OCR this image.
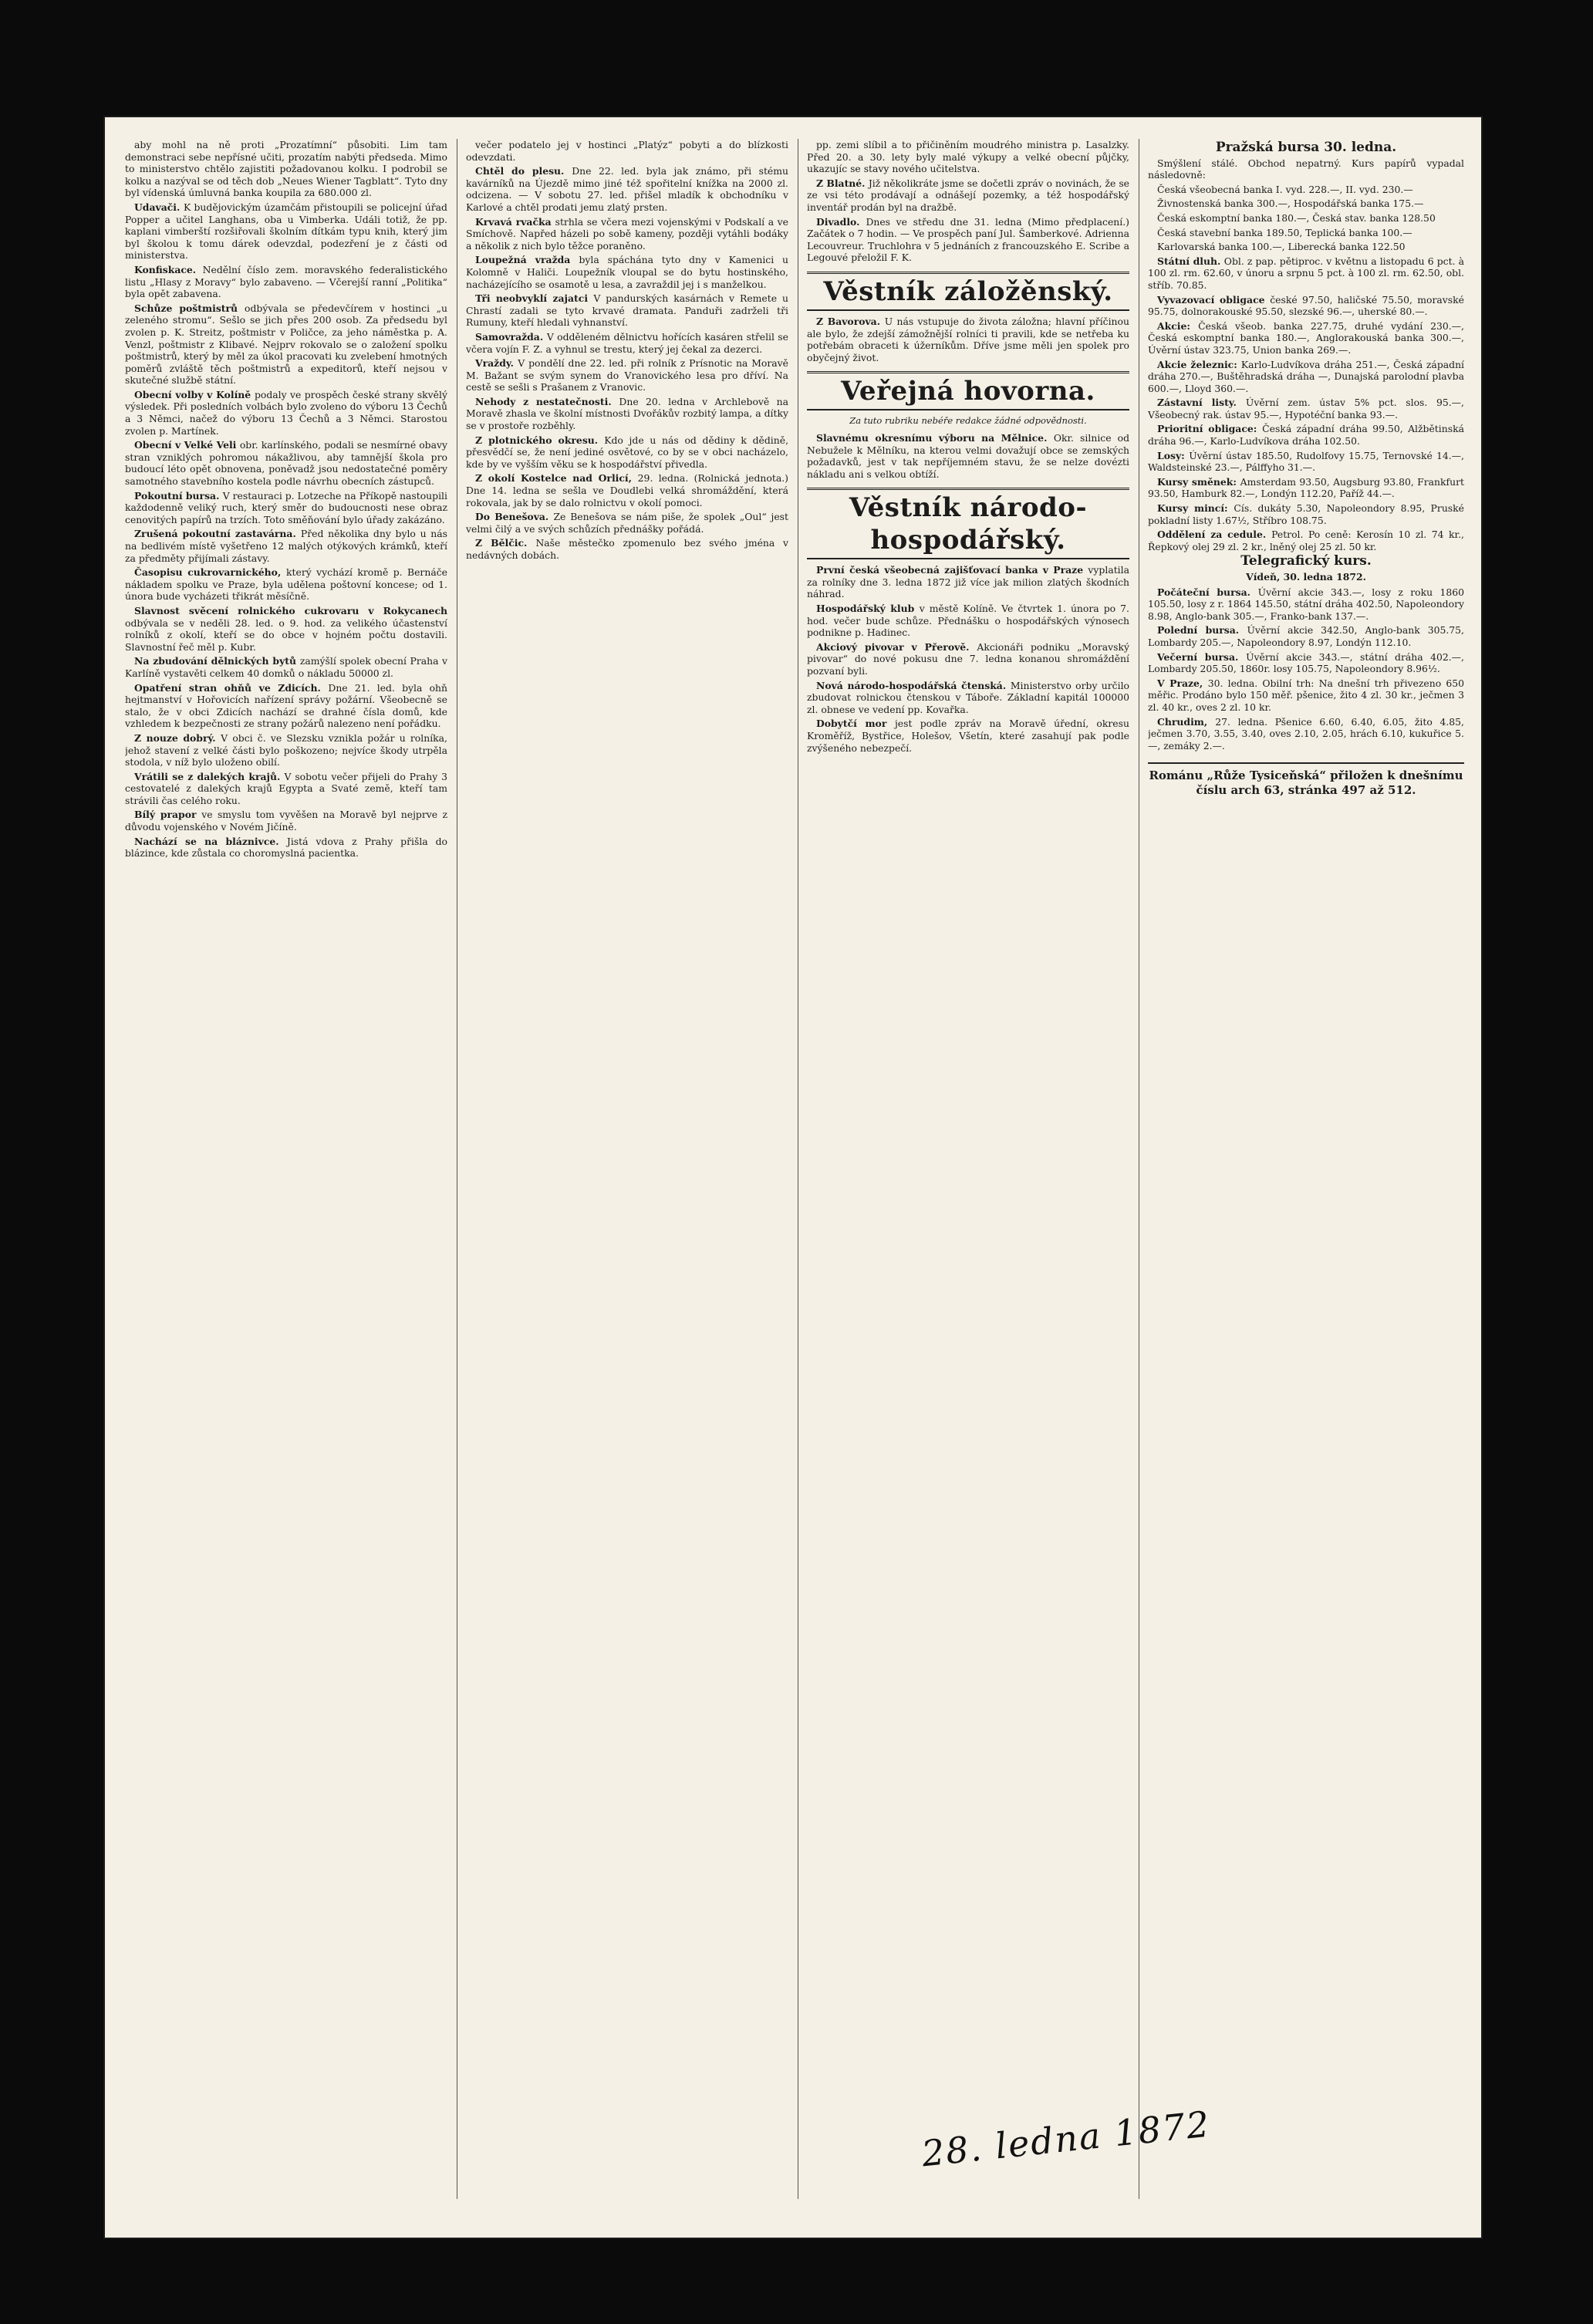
aby mohl na ně proti „Prozatímní“ působiti. Lim tam demonstraci sebe nepřísné učiti, prozatím nabýti předseda. Mimo to ministerstvo chtělo zajistiti požadovanou kolku. I podrobil se kolku a nazýval se od těch dob „Neues Wiener Tagblatt“. Tyto dny byl vídenská úmluvná banka koupila za 680.000 zl.

Udavači. K budějovickým úzamčám přistoupili se policejní úřad Popper a učitel Langhans, oba u Vimberka. Událi totiž, že pp. kaplani vimberští rozšiřovali školním dítkám typu knih, který jim byl školou k tomu dárek odevzdal, podezření je z části od ministerstva.

Konfiskace. Nedělní číslo zem. moravského federalistického listu „Hlasy z Moravy“ bylo zabaveno. — Včerejší ranní „Politika“ byla opět zabavena.

Schůze poštmistrů odbývala se předevčírem v hostinci „u zeleného stromu“. Sešlo se jich přes 200 osob. Za předsedu byl zvolen p. K. Streitz, poštmistr v Poličce, za jeho náměstka p. A. Venzl, poštmistr z Klibavé. Nejprv rokovalo se o založení spolku poštmistrů, který by měl za úkol pracovati ku zvelebení hmotných poměrů zvláště těch poštmistrů a expeditorů, kteří nejsou v skutečné službě státní.

Obecní volby v Kolíně podaly ve prospěch české strany skvělý výsledek. Při posledních volbách bylo zvoleno do výboru 13 Čechů a 3 Němci, načež do výboru 13 Čechů a 3 Němci. Starostou zvolen p. Martínek.

Obecní v Velké Veli obr. karlínského, podali se nesmírné obavy stran vzniklých pohromou nákažlivou, aby tamnější škola pro budoucí léto opět obnovena, poněvadž jsou nedostatečné poměry samotného stavebního kostela podle návrhu obecních zástupců.

Pokoutní bursa. V restauraci p. Lotzeche na Příkopě nastoupili každodenně veliký ruch, který směr do budoucnosti nese obraz cenovitých papírů na trzích. Toto směňování bylo úřady zakázáno.

Zrušená pokoutní zastavárna. Před několika dny bylo u nás na bedlivém místě vyšetřeno 12 malých otýkových krámků, kteří za předměty přijímali zástavy.

Časopisu cukrovarnického, který vychází kromě p. Bernáče nákladem spolku ve Praze, byla udělena poštovní koncese; od 1. února bude vycházeti třikrát měsíčně.

Slavnost svěcení rolnického cukrovaru v Rokycanech odbývala se v neděli 28. led. o 9. hod. za velikého účastenství rolníků z okolí, kteří se do obce v hojném počtu dostavili. Slavnostní řeč měl p. Kubr.

Na zbudování dělnických bytů zamýšlí spolek obecní Praha v Karlíně vystavěti celkem 40 domků o nákladu 50000 zl.

Opatření stran ohňů ve Zdicích. Dne 21. led. byla ohň hejtmanství v Hořovicích nařízení správy požární. Všeobecně se stalo, že v obci Zdicích nachází se drahné čísla domů, kde vzhledem k bezpečnosti ze strany požárů nalezeno není pořádku.

Z nouze dobrý. V obci č. ve Slezsku vznikla požár u rolníka, jehož stavení z velké části bylo poškozeno; nejvíce škody utrpěla stodola, v níž bylo uloženo obilí.

Vrátili se z dalekých krajů. V sobotu večer přijeli do Prahy 3 cestovatelé z dalekých krajů Egypta a Svaté země, kteří tam strávili čas celého roku.

Bílý prapor ve smyslu tom vyvěšen na Moravě byl nejprve z důvodu vojenského v Novém Jičíně.

Nachází se na bláznivce. Jistá vdova z Prahy přišla do blázince, kde zůstala co choromyslná pacientka.

večer podatelo jej v hostinci „Platýz“ pobyti a do blízkosti odevzdati.

Chtěl do plesu. Dne 22. led. byla jak známo, při stému kavárníků na Újezdě mimo jiné též spořitelní knížka na 2000 zl. odcizena. — V sobotu 27. led. přišel mladík k obchodníku v Karlové a chtěl prodati jemu zlatý prsten.

Krvavá rvačka strhla se včera mezi vojenskými v Podskalí a ve Smíchově. Napřed házeli po sobě kameny, později vytáhli bodáky a několik z nich bylo těžce poraněno.

Loupežná vražda byla spáchána tyto dny v Kamenici u Kolomně v Haliči. Loupežník vloupal se do bytu hostinského, nacházejícího se osamotě u lesa, a zavraždil jej i s manželkou.

Tři neobvyklí zajatci V pandurských kasárnách v Remete u Chrastí zadali se tyto krvavé dramata. Panduři zadrželi tři Rumuny, kteří hledali vyhnanství.

Samovražda. V odděleném dělnictvu hořících kasáren střelil se včera vojín F. Z. a vyhnul se trestu, který jej čekal za dezerci.

Vraždy. V pondělí dne 22. led. při rolník z Prísnotic na Moravě M. Bažant se svým synem do Vranovického lesa pro dříví. Na cestě se sešli s Prašanem z Vranovic.

Nehody z nestatečnosti. Dne 20. ledna v Archlebově na Moravě zhasla ve školní místnosti Dvořákův rozbitý lampa, a dítky se v prostoře rozběhly.

Z plotnického okresu. Kdo jde u nás od dědiny k dědině, přesvědčí se, že není jediné osvětové, co by se v obci nacházelo, kde by ve vyšším věku se k hospodářství přivedla.

Z okolí Kostelce nad Orlicí, 29. ledna. (Rolnická jednota.) Dne 14. ledna se sešla ve Doudlebi velká shromáždění, která rokovala, jak by se dalo rolnictvu v okolí pomoci.

Do Benešova. Ze Benešova se nám piše, že spolek „Oul“ jest velmi čilý a ve svých schůzích přednášky pořádá.

Z Bělčic. Naše městečko zpomenulo bez svého jména v nedávných dobách.

pp. zemi slíbil a to přičiněním moudrého ministra p. Lasalzky. Před 20. a 30. lety byly malé výkupy a velké obecní půjčky, ukazujíc se stavy nového učitelstva.

Z Blatné. Již několikráte jsme se dočetli zpráv o novinách, že se ze vsi této prodávají a odnášejí pozemky, a též hospodářský inventář prodán byl na dražbě.

Divadlo. Dnes ve středu dne 31. ledna (Mimo předplacení.) Začátek o 7 hodin. — Ve prospěch paní Jul. Šamberkové. Adrienna Lecouvreur. Truchlohra v 5 jednáních z francouzského E. Scribe a Legouvé přeložil F. K.

Věstník záložěnský.

Z Bavorova. U nás vstupuje do života záložna; hlavní příčinou ale bylo, že zdejší zámožnější rolníci ti pravili, kde se netřeba ku potřebám obraceti k úžerníkům. Dříve jsme měli jen spolek pro obyčejný život.

Veřejná hovorna.
Za tuto rubriku nebéře redakce žádné odpovědnosti.

Slavnému okresnímu výboru na Mělnice. Okr. silnice od Nebužele k Mělníku, na kterou velmi dovažují obce se zemských požadavků, jest v tak nepříjemném stavu, že se nelze dovézti nákladu ani s velkou obtíží.

Věstník národo-hospodářský.

První česká všeobecná zajišťovací banka v Praze vyplatila za rolníky dne 3. ledna 1872 již více jak milion zlatých škodních náhrad.

Hospodářský klub v městě Kolíně. Ve čtvrtek 1. února po 7. hod. večer bude schůze. Přednášku o hospodářských výnosech podnikne p. Hadinec.

Akciový pivovar v Přerově. Akcionáři podniku „Moravský pivovar“ do nové pokusu dne 7. ledna konanou shromáždění pozvaní byli.

Nová národo-hospodářská čtenská. Ministerstvo orby určilo zbudovat rolnickou čtenskou v Táboře. Základní kapitál 100000 zl. obnese ve vedení pp. Kovařka.

Dobytčí mor jest podle zpráv na Moravě úřední, okresu Kroměříž, Bystřice, Holešov, Všetín, které zasahují pak podle zvýšeného nebezpečí.

Pražská bursa 30. ledna.

Smýšlení stálé. Obchod nepatrný. Kurs papírů vypadal následovně:

Česká všeobecná banka I. vyd. 228.—, II. vyd. 230.—

Živnostenská banka 300.—, Hospodářská banka 175.—

Česká eskomptní banka 180.—, Česká stav. banka 128.50

Česká stavební banka 189.50, Teplická banka 100.—

Karlovarská banka 100.—, Liberecká banka 122.50

Státní dluh. Obl. z pap. pětiproc. v květnu a listopadu 6 pct. à 100 zl. rm. 62.60, v únoru a srpnu 5 pct. à 100 zl. rm. 62.50, obl. stříb. 70.85.

Vyvazovací obligace české 97.50, haličské 75.50, moravské 95.75, dolnorakouské 95.50, slezské 96.—, uherské 80.—.

Akcie: Česká všeob. banka 227.75, druhé vydání 230.—, Česká eskomptní banka 180.—, Anglorakouská banka 300.—, Úvěrní ústav 323.75, Union banka 269.—.

Akcie železnic: Karlo-Ludvíkova dráha 251.—, Česká západní dráha 270.—, Buštěhradská dráha —, Dunajská parolodní plavba 600.—, Lloyd 360.—.

Zástavní listy. Úvěrní zem. ústav 5% pct. slos. 95.—, Všeobecný rak. ústav 95.—, Hypotéční banka 93.—.

Prioritní obligace: Česká západní dráha 99.50, Alžbětinská dráha 96.—, Karlo-Ludvíkova dráha 102.50.

Losy: Úvěrní ústav 185.50, Rudolfovy 15.75, Ternovské 14.—, Waldsteinské 23.—, Pálffyho 31.—.

Kursy směnek: Amsterdam 93.50, Augsburg 93.80, Frankfurt 93.50, Hamburk 82.—, Londýn 112.20, Paříž 44.—.

Kursy mincí: Cís. dukáty 5.30, Napoleondory 8.95, Pruské pokladní listy 1.67½, Stříbro 108.75.

Oddělení za cedule. Petrol. Po ceně: Kerosín 10 zl. 74 kr., Řepkový olej 29 zl. 2 kr., lněný olej 25 zl. 50 kr.

Telegrafický kurs.
Vídeň, 30. ledna 1872.

Počáteční bursa. Úvěrní akcie 343.—, losy z roku 1860 105.50, losy z r. 1864 145.50, státní dráha 402.50, Napoleondory 8.98, Anglo-bank 305.—, Franko-bank 137.—.

Polední bursa. Úvěrní akcie 342.50, Anglo-bank 305.75, Lombardy 205.—, Napoleondory 8.97, Londýn 112.10.

Večerní bursa. Úvěrní akcie 343.—, státní dráha 402.—, Lombardy 205.50, 1860r. losy 105.75, Napoleondory 8.96½.

V Praze, 30. ledna. Obilní trh: Na dnešní trh přivezeno 650 měřic. Prodáno bylo 150 měř. pšenice, žito 4 zl. 30 kr., ječmen 3 zl. 40 kr., oves 2 zl. 10 kr.

Chrudim, 27. ledna. Pšenice 6.60, 6.40, 6.05, žito 4.85, ječmen 3.70, 3.55, 3.40, oves 2.10, 2.05, hrách 6.10, kukuřice 5.—, zemáky 2.—.

Románu „Růže Tysiceňská“ přiložen k dnešnímu číslu arch 63, stránka 497 až 512.
28. ledna 1872
